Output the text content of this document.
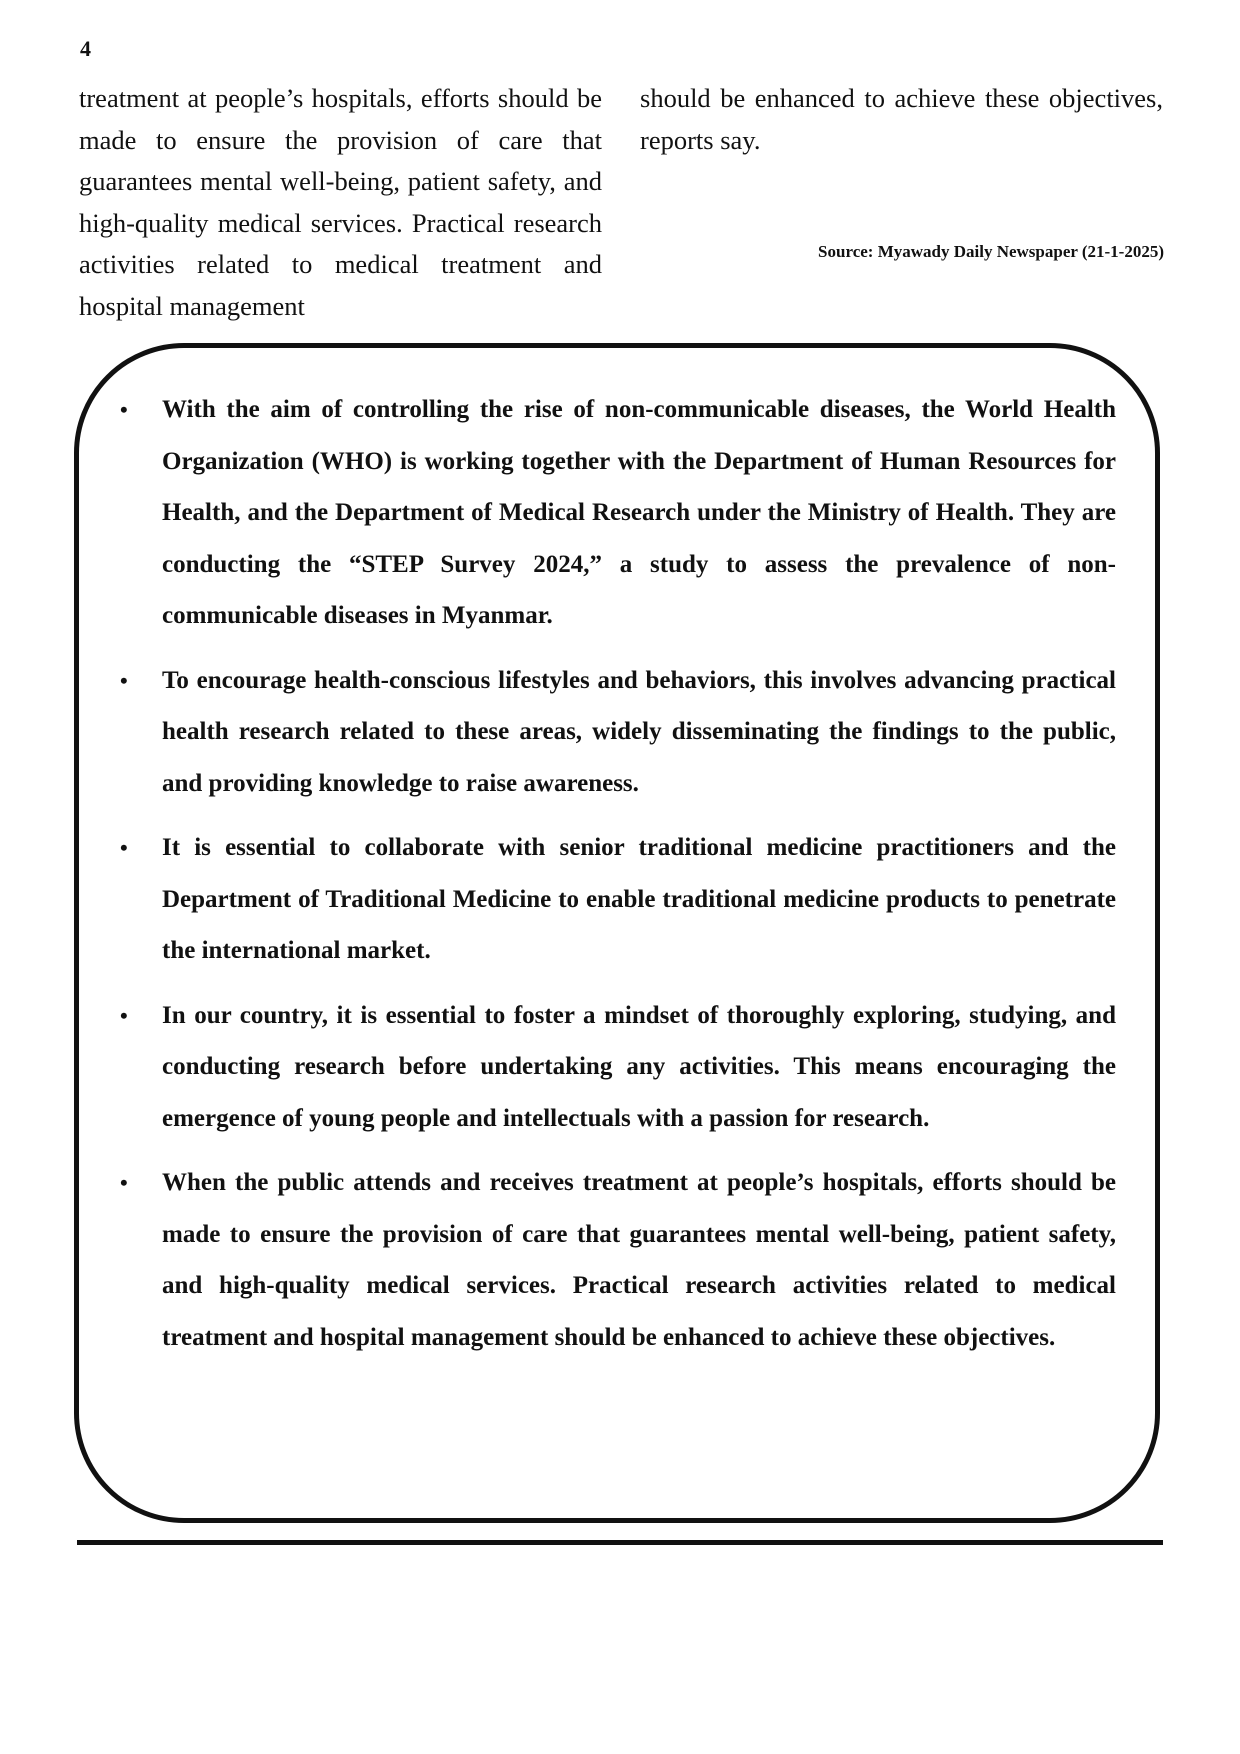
4
treatment at people’s hospitals, efforts should be made to ensure the provision of care that guarantees mental well-being, patient safety, and high-quality medical services. Practical research activities related to medical treatment and hospital management
should be enhanced to achieve these objectives, reports say.
Source: Myawady Daily Newspaper (21-1-2025)
• With the aim of controlling the rise of non-communicable diseases, the World Health Organization (WHO) is working together with the Department of Human Resources for Health, and the Department of Medical Research under the Ministry of Health. They are conducting the “STEP Survey 2024,” a study to assess the prevalence of non-communicable diseases in Myanmar.
• To encourage health-conscious lifestyles and behaviors, this involves advancing practical health research related to these areas, widely disseminating the findings to the public, and providing knowledge to raise awareness.
• It is essential to collaborate with senior traditional medicine practitioners and the Department of Traditional Medicine to enable traditional medicine products to penetrate the international market.
• In our country, it is essential to foster a mindset of thoroughly exploring, studying, and conducting research before undertaking any activities. This means encouraging the emergence of young people and intellectuals with a passion for research.
• When the public attends and receives treatment at people’s hospitals, efforts should be made to ensure the provision of care that guarantees mental well-being, patient safety, and high-quality medical services. Practical research activities related to medical treatment and hospital management should be enhanced to achieve these objectives.
